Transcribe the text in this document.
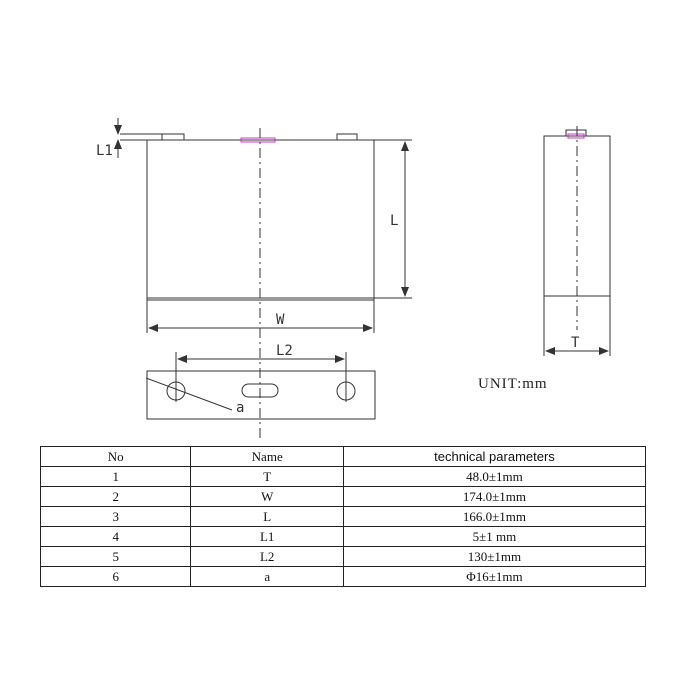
L1
L
W
T
L2
a
UNIT:mm
No	Name	technical parameters
1	T	48.0±1mm
2	W	174.0±1mm
3	L	166.0±1mm
4	L1	5±1 mm
5	L2	130±1mm
6	a	Φ16±1mm
